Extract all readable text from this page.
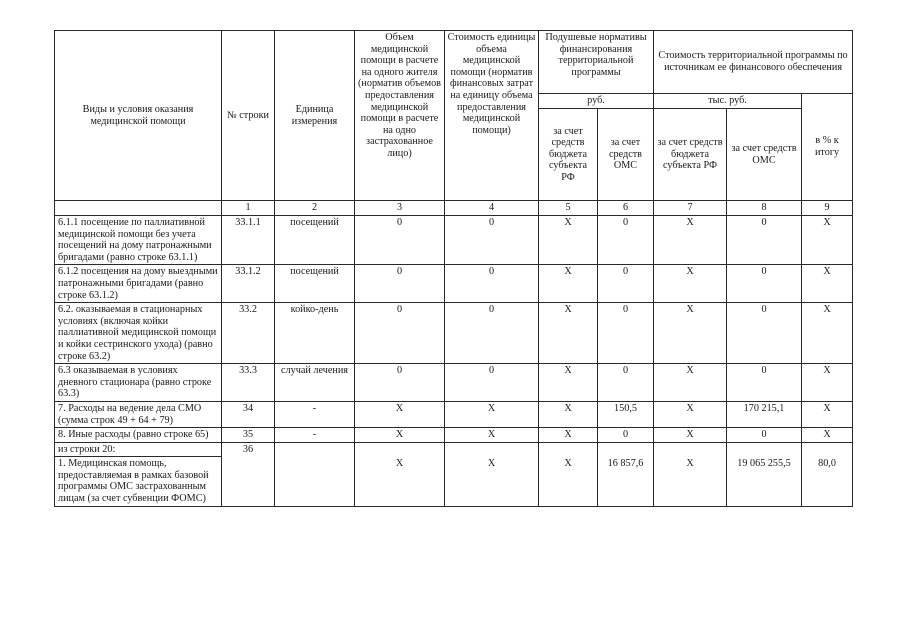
Виды и условия оказания медицинской помощи	№ строки	Единица измерения	Объем медицинской помощи в расчете на одного жителя (норматив объемов предоставления медицинской помощи в расчете на одно застрахованное лицо)	Стоимость единицы объема медицинской помощи (норматив финансовых затрат на единицу объема предоставления медицинской помощи)	Подушевые нормативы финансирования территориальной программы		Стоимость территориальной программы по источникам ее финансового обеспечения		
					руб.		тыс. руб.		в % к итогу
					за счет средств бюджета субъекта РФ	за счет средств ОМС	за счет средств бюджета субъекта РФ	за счет средств ОМС	
	1	2	3	4	5	6	7	8	9
6.1.1 посещение по паллиативной медицинской помощи без учета посещений на дому патронажными бригадами (равно строке 63.1.1)	33.1.1	посещений	0	0	Х	0	Х	0	Х
6.1.2 посещения на дому выездными патронажными бригадами (равно строке 63.1.2)	33.1.2	посещений	0	0	Х	0	Х	0	Х
6.2. оказываемая в стационарных условиях (включая койки паллиативной медицинской помощи и койки сестринского ухода) (равно строке 63.2)	33.2	койко-день	0	0	Х	0	Х	0	Х
6.3 оказываемая в условиях дневного стационара (равно строке 63.3)	33.3	случай лечения	0	0	Х	0	Х	0	Х
7. Расходы на ведение дела СМО (сумма строк 49 + 64 + 79)	34	-	Х	Х	Х	150,5	Х	170 215,1	Х
8. Иные расходы (равно строке 65)	35	-	Х	Х	Х	0	Х	0	Х
из строки 20:	36								
1. Медицинская помощь, предоставляемая в рамках базовой программы ОМС застрахованным лицам (за счет субвенции ФОМС)			Х	Х	Х	16 857,6	Х	19 065 255,5	80,0
